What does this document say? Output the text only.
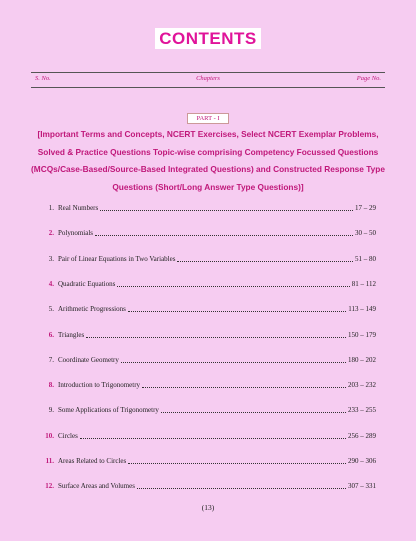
CONTENTS
S. No.	Chapters	Page No.
PART - I
[Important Terms and Concepts, NCERT Exercises, Select NCERT Exemplar Problems,
Solved & Practice Questions Topic-wise comprising Competency Focussed Questions
(MCQs/Case-Based/Source-Based Integrated Questions) and Constructed Response Type
Questions (Short/Long Answer Type Questions)]
1. Real Numbers	17 – 29
2. Polynomials	30 – 50
3. Pair of Linear Equations in Two Variables	51 – 80
4. Quadratic Equations	81 – 112
5. Arithmetic Progressions	113 – 149
6. Triangles	150 – 179
7. Coordinate Geometry	180 – 202
8. Introduction to Trigonometry	203 – 232
9. Some Applications of Trigonometry	233 – 255
10. Circles	256 – 289
11. Areas Related to Circles	290 – 306
12. Surface Areas and Volumes	307 – 331
(13)
